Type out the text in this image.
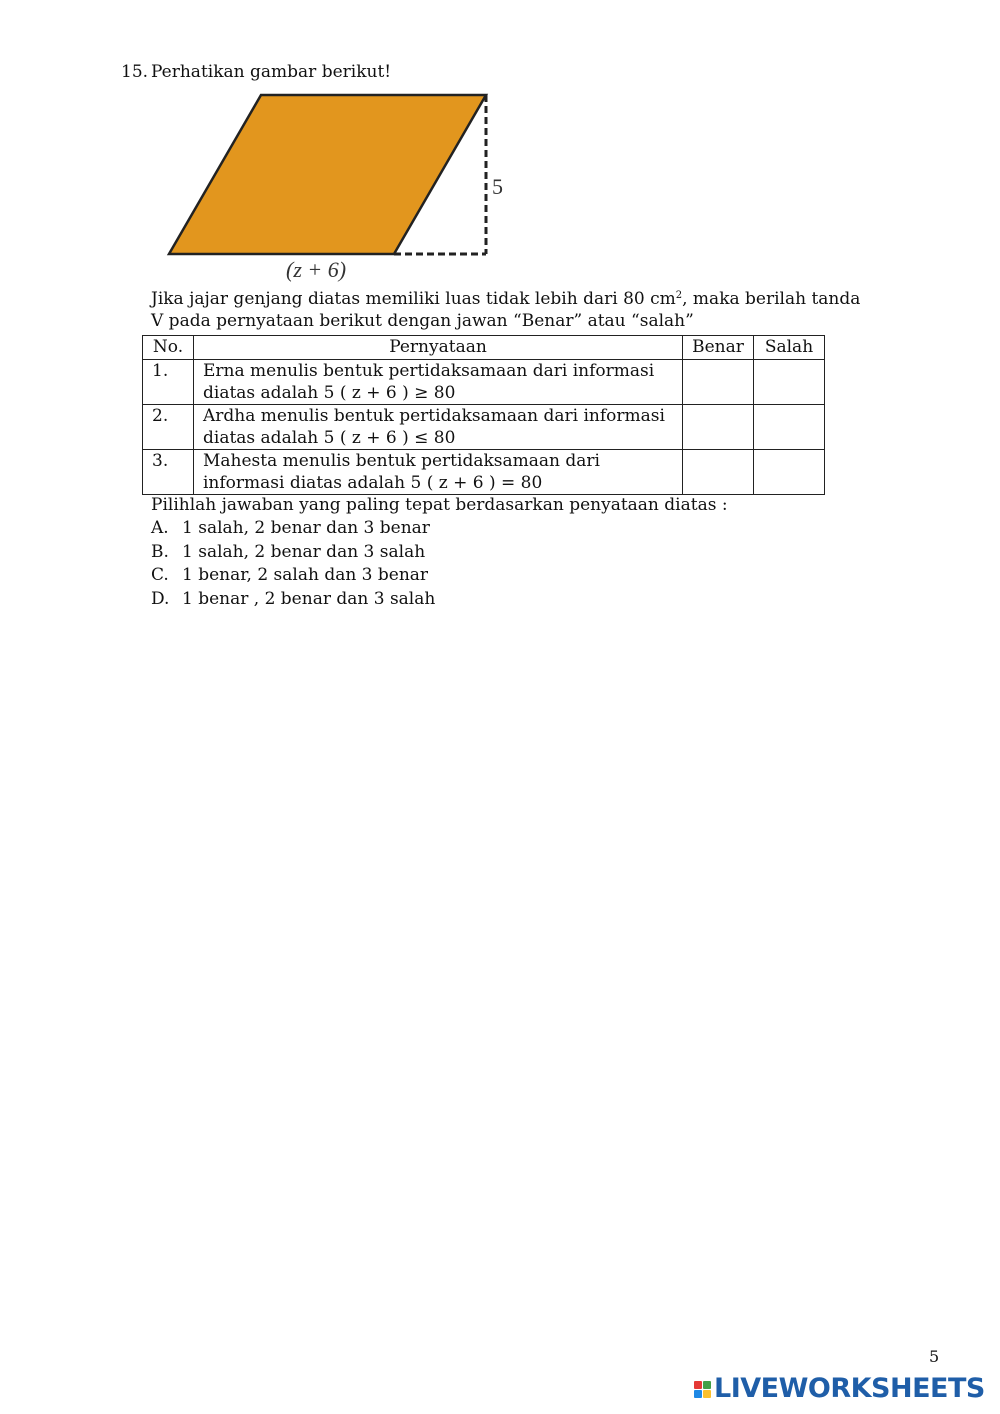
15. Perhatikan gambar berikut!
5
(z + 6)
Jika jajar genjang diatas memiliki luas tidak lebih dari 80 $cm^2$, maka berilah tanda V pada pernyataan berikut dengan jawan “Benar” atau “salah”
No.	Pernyataan	Benar	Salah
1.	Erna menulis bentuk pertidaksamaan dari informasi diatas adalah 5 ( z + 6 ) ≥ 80		
2.	Ardha menulis bentuk pertidaksamaan dari informasi diatas adalah 5 ( z + 6 ) ≤ 80		
3.	Mahesta menulis bentuk pertidaksamaan dari informasi diatas adalah 5 ( z + 6 ) = 80		
Pilihlah jawaban yang paling tepat berdasarkan penyataan diatas :
A. 1 salah, 2 benar dan 3 benar
B. 1 salah, 2 benar dan 3 salah
C. 1 benar, 2 salah dan 3 benar
D. 1 benar , 2 benar dan 3 salah
5
LIVEWORKSHEETS
